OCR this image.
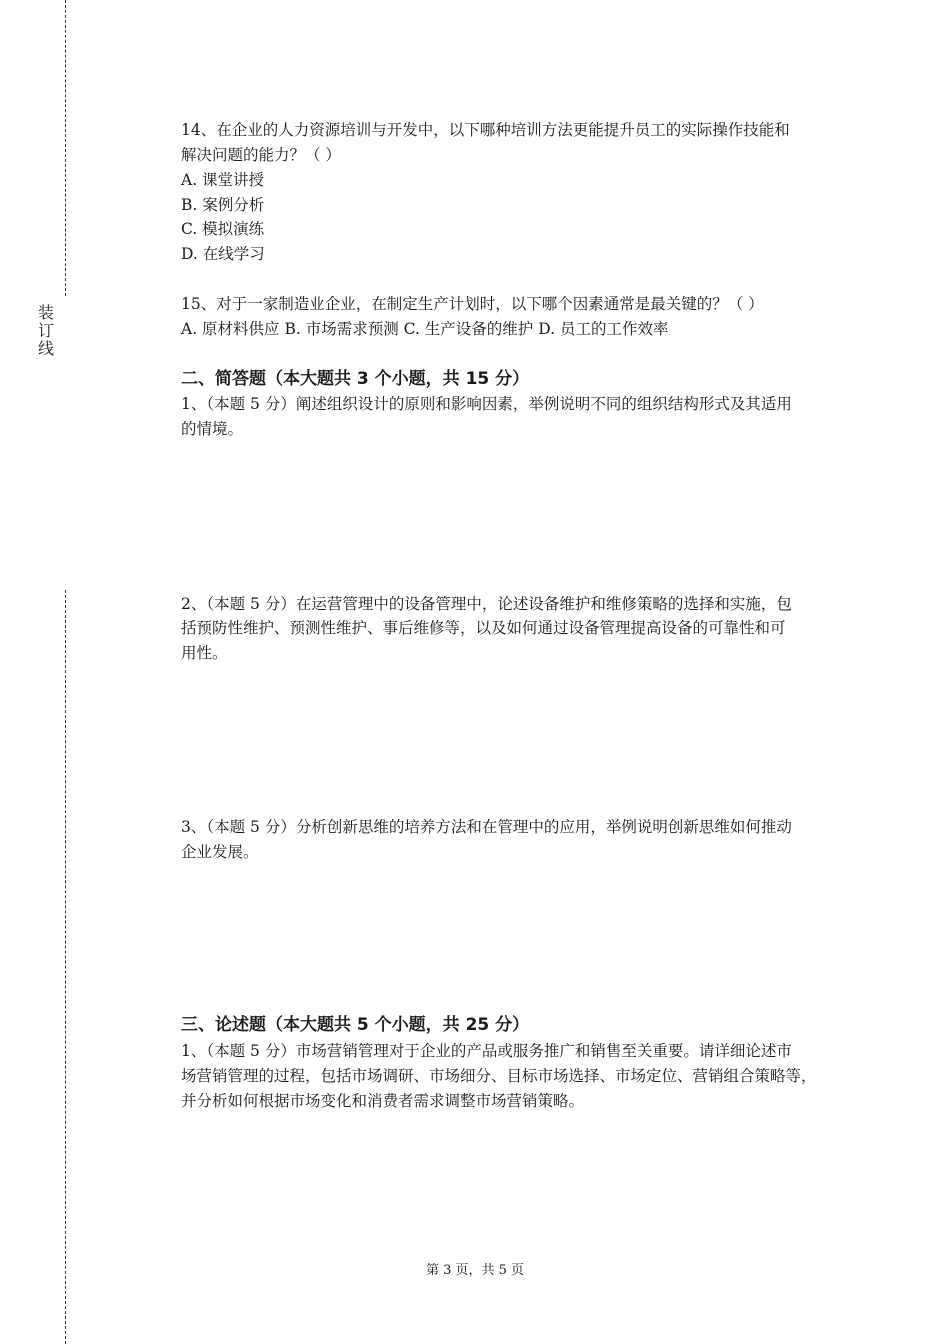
装
订
线
14、在企业的人力资源培训与开发中，以下哪种培训方法更能提升员工的实际操作技能和
解决问题的能力？（ ）
A. 课堂讲授
B. 案例分析
C. 模拟演练
D. 在线学习
15、对于一家制造业企业，在制定生产计划时，以下哪个因素通常是最关键的？（ ）
A. 原材料供应 B. 市场需求预测 C. 生产设备的维护 D. 员工的工作效率
二、简答题（本大题共 3 个小题，共 15 分）
1、（本题 5 分）阐述组织设计的原则和影响因素，举例说明不同的组织结构形式及其适用
的情境。
2、（本题 5 分）在运营管理中的设备管理中，论述设备维护和维修策略的选择和实施，包
括预防性维护、预测性维护、事后维修等，以及如何通过设备管理提高设备的可靠性和可
用性。
3、（本题 5 分）分析创新思维的培养方法和在管理中的应用，举例说明创新思维如何推动
企业发展。
三、论述题（本大题共 5 个小题，共 25 分）
1、（本题 5 分）市场营销管理对于企业的产品或服务推广和销售至关重要。请详细论述市
场营销管理的过程，包括市场调研、市场细分、目标市场选择、市场定位、营销组合策略等，
并分析如何根据市场变化和消费者需求调整市场营销策略。
第 3 页，共 5 页
